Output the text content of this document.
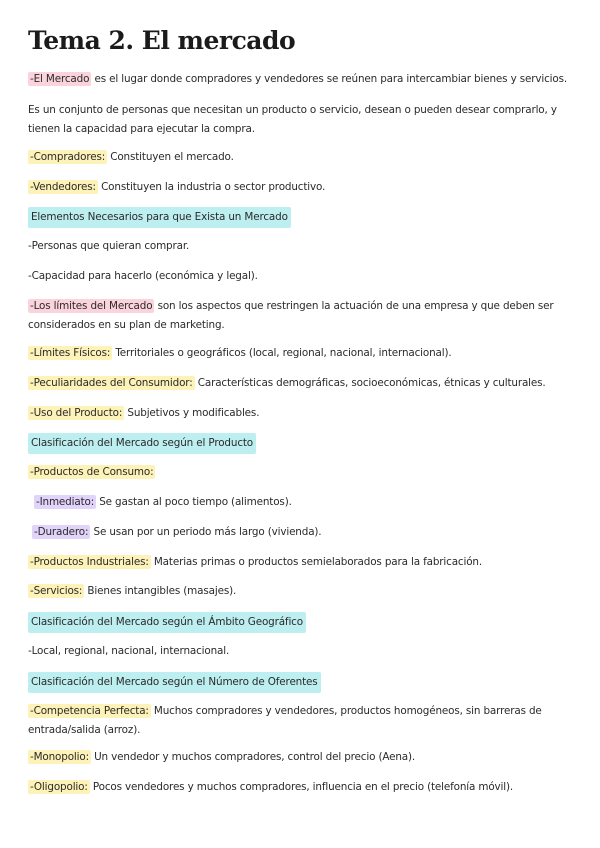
Tema 2. El mercado
-El Mercado es el lugar donde compradores y vendedores se reúnen para intercambiar bienes y servicios.
Es un conjunto de personas que necesitan un producto o servicio, desean o pueden desear comprarlo, y tienen la capacidad para ejecutar la compra.
-Compradores: Constituyen el mercado.
-Vendedores: Constituyen la industria o sector productivo.
Elementos Necesarios para que Exista un Mercado
-Personas que quieran comprar.
-Capacidad para hacerlo (económica y legal).
-Los límites del Mercado son los aspectos que restringen la actuación de una empresa y que deben ser considerados en su plan de marketing.
-Límites Físicos: Territoriales o geográficos (local, regional, nacional, internacional).
-Peculiaridades del Consumidor: Características demográficas, socioeconómicas, étnicas y culturales.
-Uso del Producto: Subjetivos y modificables.
Clasificación del Mercado según el Producto
-Productos de Consumo:
-Inmediato: Se gastan al poco tiempo (alimentos).
-Duradero: Se usan por un periodo más largo (vivienda).
-Productos Industriales: Materias primas o productos semielaborados para la fabricación.
-Servicios: Bienes intangibles (masajes).
Clasificación del Mercado según el Ámbito Geográfico
-Local, regional, nacional, internacional.
Clasificación del Mercado según el Número de Oferentes
-Competencia Perfecta: Muchos compradores y vendedores, productos homogéneos, sin barreras de entrada/salida (arroz).
-Monopolio: Un vendedor y muchos compradores, control del precio (Aena).
-Oligopolio: Pocos vendedores y muchos compradores, influencia en el precio (telefonía móvil).
